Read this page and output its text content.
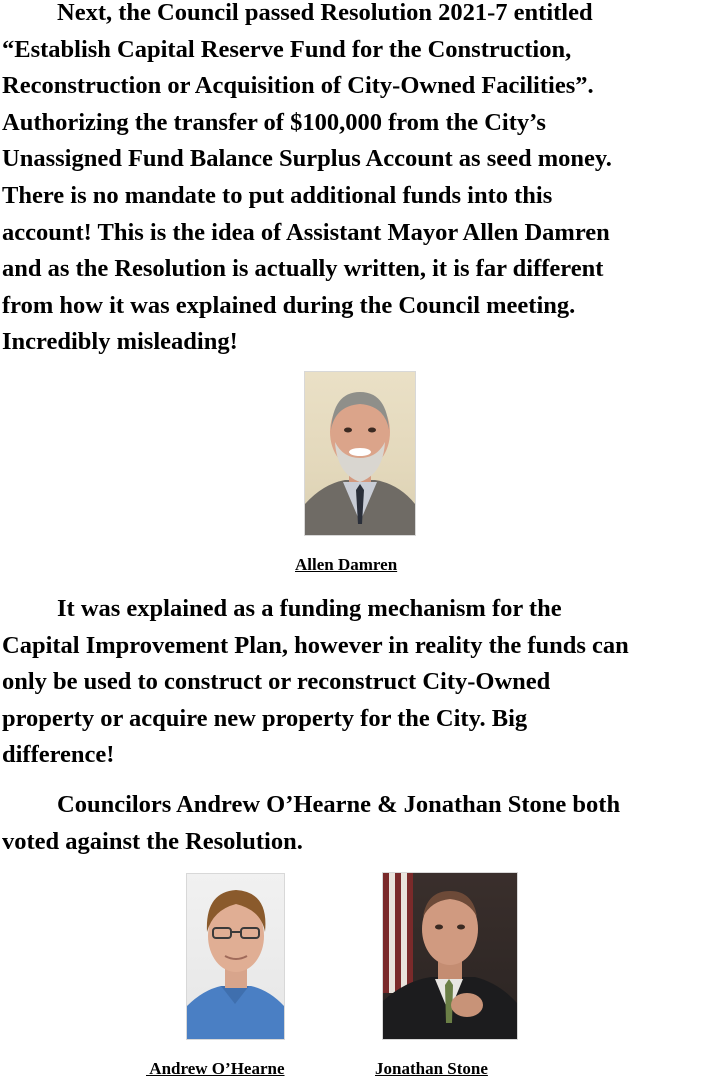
Next, the Council passed Resolution 2021-7 entitled
“Establish Capital Reserve Fund for the Construction,
Reconstruction or Acquisition of City-Owned Facilities”.
Authorizing the transfer of $100,000 from the City’s
Unassigned Fund Balance Surplus Account as seed money.
There is no mandate to put additional funds into this
account! This is the idea of Assistant Mayor Allen Damren
and as the Resolution is actually written, it is far different
from how it was explained during the Council meeting.
Incredibly misleading!

Allen Damren

It was explained as a funding mechanism for the
Capital Improvement Plan, however in reality the funds can
only be used to construct or reconstruct City-Owned
property or acquire new property for the City. Big
difference!

Councilors Andrew O’Hearne & Jonathan Stone both
voted against the Resolution.

Andrew O’Hearne	Jonathan Stone
